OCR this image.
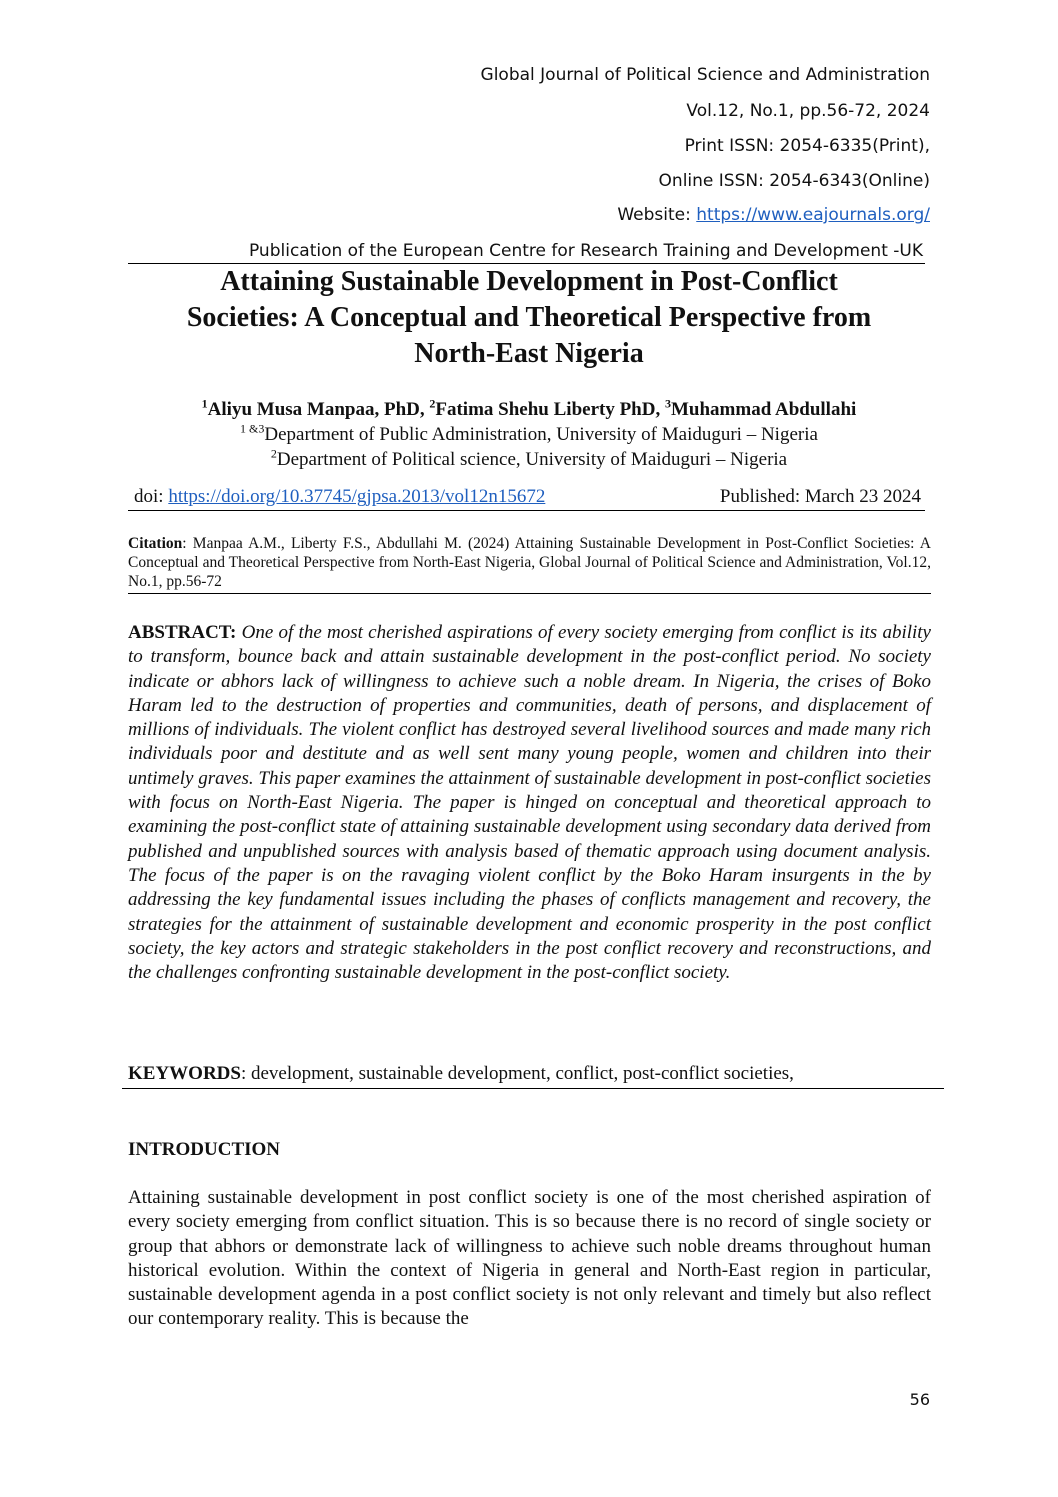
Global Journal of Political Science and Administration
Vol.12, No.1, pp.56-72, 2024
Print ISSN: 2054-6335(Print),
Online ISSN: 2054-6343(Online)
Website: https://www.eajournals.org/
Publication of the European Centre for Research Training and Development -UK
Attaining Sustainable Development in Post-Conflict
Societies: A Conceptual and Theoretical Perspective from
North-East Nigeria
$^1$Aliyu Musa Manpaa, PhD, $^2$Fatima Shehu Liberty PhD, $^3$Muhammad Abdullahi
$^{1 \&3}$Department of Public Administration, University of Maiduguri – Nigeria
$^2$Department of Political science, University of Maiduguri – Nigeria
doi: https://doi.org/10.37745/gjpsa.2013/vol12n15672	Published: March 23 2024
Citation: Manpaa A.M., Liberty F.S., Abdullahi M. (2024) Attaining Sustainable Development in Post-Conflict Societies: A Conceptual and Theoretical Perspective from North-East Nigeria, Global Journal of Political Science and Administration, Vol.12, No.1, pp.56-72
ABSTRACT: One of the most cherished aspirations of every society emerging from conflict is its ability to transform, bounce back and attain sustainable development in the post-conflict period. No society indicate or abhors lack of willingness to achieve such a noble dream. In Nigeria, the crises of Boko Haram led to the destruction of properties and communities, death of persons, and displacement of millions of individuals. The violent conflict has destroyed several livelihood sources and made many rich individuals poor and destitute and as well sent many young people, women and children into their untimely graves. This paper examines the attainment of sustainable development in post-conflict societies with focus on North-East Nigeria. The paper is hinged on conceptual and theoretical approach to examining the post-conflict state of attaining sustainable development using secondary data derived from published and unpublished sources with analysis based of thematic approach using document analysis. The focus of the paper is on the ravaging violent conflict by the Boko Haram insurgents in the by addressing the key fundamental issues including the phases of conflicts management and recovery, the strategies for the attainment of sustainable development and economic prosperity in the post conflict society, the key actors and strategic stakeholders in the post conflict recovery and reconstructions, and the challenges confronting sustainable development in the post-conflict society.
KEYWORDS: development, sustainable development, conflict, post-conflict societies,
INTRODUCTION
Attaining sustainable development in post conflict society is one of the most cherished aspiration of every society emerging from conflict situation. This is so because there is no record of single society or group that abhors or demonstrate lack of willingness to achieve such noble dreams throughout human historical evolution. Within the context of Nigeria in general and North-East region in particular, sustainable development agenda in a post conflict society is not only relevant and timely but also reflect our contemporary reality. This is because the
56
